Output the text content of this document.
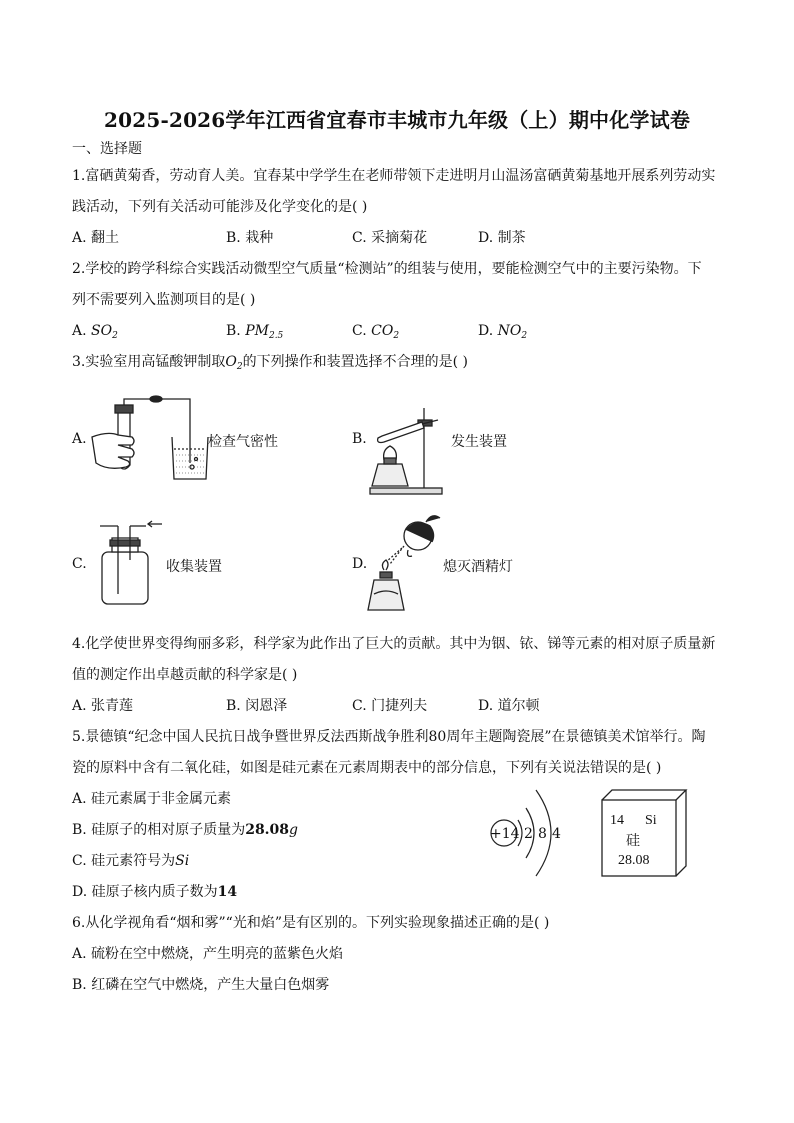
2025-2026学年江西省宜春市丰城市九年级（上）期中化学试卷
一、选择题
1.富硒黄菊香，劳动育人美。宜春某中学学生在老师带领下走进明月山温汤富硒黄菊基地开展系列劳动实
践活动，下列有关活动可能涉及化学变化的是( )
A. 翻土	B. 栽种	C. 采摘菊花	D. 制茶
2.学校的跨学科综合实践活动微型空气质量“检测站”的组装与使用，要能检测空气中的主要污染物。下
列不需要列入监测项目的是( )
A. $SO_2$	B. $PM_{2.5}$	C. $CO_2$	D. $NO_2$
3.实验室用高锰酸钾制取$O_2$的下列操作和装置选择不合理的是( )
A.	检查气密性	B.	发生装置
C.	收集装置	D.	熄灭酒精灯
4.化学使世界变得绚丽多彩，科学家为此作出了巨大的贡献。其中为铟、铱、锑等元素的相对原子质量新
值的测定作出卓越贡献的科学家是( )
A. 张青莲	B. 闵恩泽	C. 门捷列夫	D. 道尔顿
5.景德镇“纪念中国人民抗日战争暨世界反法西斯战争胜利80周年主题陶瓷展”在景德镇美术馆举行。陶
瓷的原料中含有二氧化硅，如图是硅元素在元素周期表中的部分信息，下列有关说法错误的是( )
A. 硅元素属于非金属元素
B. 硅原子的相对原子质量为28.08g
C. 硅元素符号为Si
D. 硅原子核内质子数为14
+14 2 8 4
14 Si
硅
28.08
6.从化学视角看“烟和雾”“光和焰”是有区别的。下列实验现象描述正确的是( )
A. 硫粉在空中燃烧，产生明亮的蓝紫色火焰
B. 红磷在空气中燃烧，产生大量白色烟雾
